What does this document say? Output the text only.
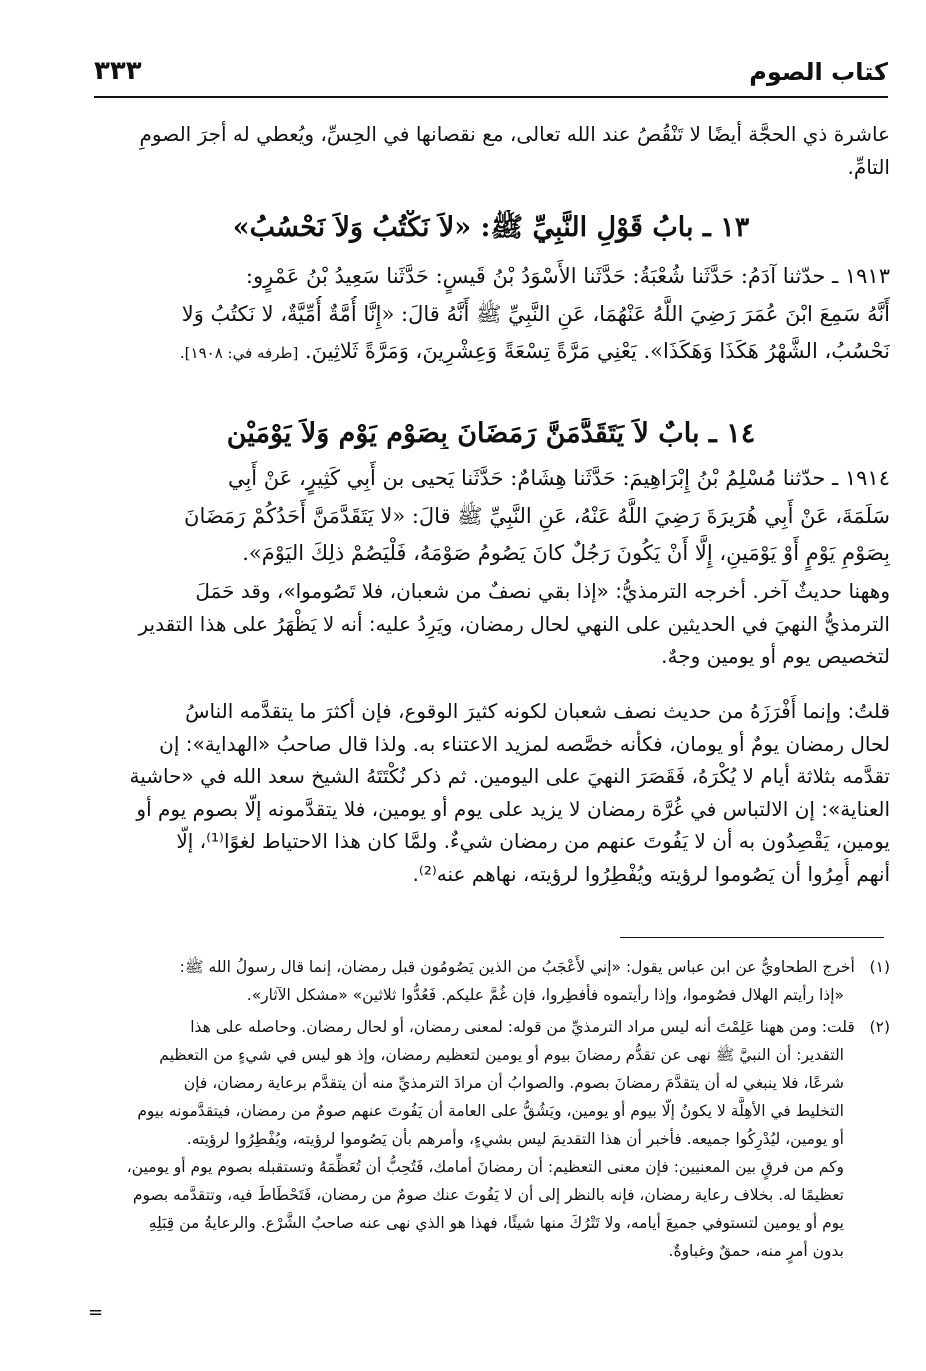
كتاب الصوم
٣٣٣
عاشرة ذي الحجَّة أيضًا لا تَنْقُصُ عند الله تعالى، مع نقصانها في الحِسِّ، ويُعطي له أجرَ الصومِ
التامِّ.
١٣ ـ بابُ قَوْلِ النَّبِيِّ ﷺ: «لاَ نَكْتُبُ وَلاَ نَحْسُبُ»
١٩١٣ ـ حدّثنا آدَمُ: حَدَّثَنا شُعْبَةُ: حَدَّثَنا الأَسْوَدُ بْنُ قَيسٍ: حَدَّثَنا سَعِيدُ بْنُ عَمْرٍو:
أَنَّهُ سَمِعَ ابْنَ عُمَرَ رَضِيَ اللَّهُ عَنْهُمَا، عَنِ النَّبِيِّ ﷺ أَنَّهُ قالَ: «إِنَّا أُمَّةٌ أُمِّيَّةٌ، لا نَكتُبُ وَلا
نَحْسُبُ، الشَّهْرُ هَكَذَا وَهَكَذَا». يَعْنِي مَرَّةً تِسْعَةً وَعِشْرِينَ، وَمَرَّةً ثَلاثِينَ. [طرفه في: ١٩٠٨].
١٤ ـ بابٌ لاَ يَتَقَدَّمَنَّ رَمَضَانَ بِصَوْمِ يَوْمٍ وَلاَ يَوْمَيْنِ
١٩١٤ ـ حدّثنا مُسْلِمُ بْنُ إِبْرَاهِيمَ: حَدَّثَنا هِشَامٌ: حَدَّثَنا يَحيى بن أَبِي كَثِيرٍ، عَنْ أَبِي
سَلَمَةَ، عَنْ أَبِي هُرَيرَةَ رَضِيَ اللَّهُ عَنْهُ، عَنِ النَّبِيِّ ﷺ قالَ: «لا يَتَقَدَّمَنَّ أَحَدُكُمْ رَمَضَانَ
بِصَوْمِ يَوْمٍ أَوْ يَوْمَينِ، إِلَّا أَنْ يَكُونَ رَجُلٌ كانَ يَصُومُ صَوْمَهُ، فَلْيَصُمْ ذلِكَ اليَوْمَ».
وههنا حديثٌ آخر. أخرجه الترمذيُّ: «إذا بقي نصفٌ من شعبان، فلا تَصُوموا»، وقد حَمَلَ
الترمذيُّ النهيَ في الحديثين على النهي لحال رمضان، ويَرِدُ عليه: أنه لا يَظْهَرُ على هذا التقدير
لتخصيص يوم أو يومين وجهٌ.
قلتُ: وإنما أَفْرَزَهُ من حديث نصف شعبان لكونه كثيرَ الوقوع، فإن أكثرَ ما يتقدَّمه الناسُ
لحال رمضان يومٌ أو يومان، فكأنه خصَّصه لمزيد الاعتناء به. ولذا قال صاحبُ «الهداية»: إن
تقدَّمه بثلاثة أيام لا يُكْرَهُ، فَقَصَرَ النهيَ على اليومين. ثم ذكر نُكْتَتَهُ الشيخ سعد الله في «حاشية
العناية»: إن الالتباس في غُرَّة رمضان لا يزيد على يوم أو يومين، فلا يتقدَّمونه إلّا بصوم يوم أو
يومين، يَقْصِدُون به أن لا يَفُوتَ عنهم من رمضان شيءٌ. ولمَّا كان هذا الاحتياط لغوًا⁽¹⁾، إلّا
أنهم أُمِرُوا أن يَصُوموا لرؤيته ويُفْطِرُوا لرؤيته، نهاهم عنه⁽²⁾.
(١)   أخرج الطحاويُّ عن ابن عباس يقول: «إني لأَعْجَبُ من الذين يَصُومُون قبل رمضان، إنما قال رسولُ الله ﷺ:
«إذا رأيتم الهلال فصُوموا، وإذا رأيتموه فأفطِروا، فإن غُمَّ عليكم. فَعُدُّوا ثلاثين» «مشكل الآثار».
(٢)   قلت: ومن ههنا عَلِمْتَ أنه ليس مراد الترمذيِّ من قوله: لمعنى رمضان، أو لحال رمضان. وحاصله على هذا
التقدير: أن النبيَّ ﷺ نهى عن تقدُّم رمضانَ بيوم أو يومين لتعظيم رمضان، وإذ هو ليس في شيءٍ من التعظيم
شرعًا، فلا ينبغي له أن يتقدَّمَ رمضانَ بصوم. والصوابُ أن مرادَ الترمذيِّ منه أن يتقدَّم برعاية رمضان، فإن
التخليط في الأهِلَّة لا يكونُ إلّا بيوم أو يومين، ويَشُقُّ على العامة أن يَفُوتَ عنهم صومٌ من رمضان، فيتقدَّمونه بيوم
أو يومين، ليُدْرِكُوا جميعه. فأخبر أن هذا التقديمَ ليس بشيءٍ، وأمرهم بأن يَصُوموا لرؤيته، ويُفْطِرُوا لرؤيته.
وكم من فرقٍ بين المعنيين: فإن معنى التعظيم: أن رمضانَ أمامك، فَتُحِبُّ أن تُعَظِّمَهُ وتستقبله بصوم يوم أو يومين،
تعظيمًا له. بخلاف رعاية رمضان، فإنه بالنظر إلى أن لا يَفُوتَ عنك صومٌ من رمضان، فَتَحْطَاطَ فيه، وتتقدَّمه بصوم
يوم أو يومين لتستوفي جميعَ أيامه، ولا تَتْرُكَ منها شيئًا، فهذا هو الذي نهى عنه صاحبُ الشَّرْع. والرعايةُ من قِبَلِهِ
بدون أمرٍ منه، حمقٌ وغباوةٌ.
=
